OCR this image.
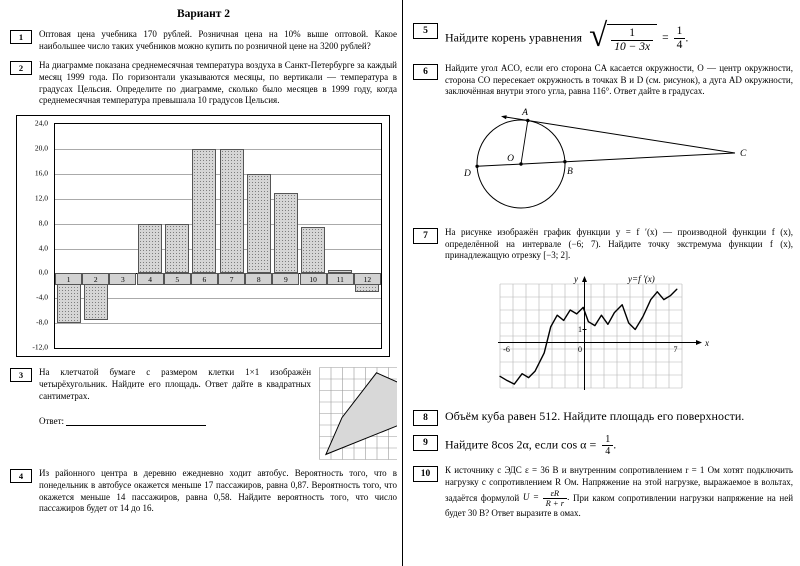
Вариант 2
1	Оптовая цена учебника 170 рублей. Розничная цена на 10% выше оптовой. Какое наибольшее число таких учебников можно купить по розничной цене на 3200 рублей?
2	На диаграмме показана среднемесячная температура воздуха в Санкт-Петербурге за каждый месяц 1999 года. По горизонтали указываются месяцы, по вертикали — температура в градусах Цельсия. Определите по диаграмме, сколько было месяцев в 1999 году, когда среднемесячная температура превышала 10 градусов Цельсия.
24,0
20,0
16,0
12,0
8,0
4,0
0,0
-4,0
-8,0
-12,0
1	2	3	4	5	6	7	8	9	10	11	12
3	На клетчатой бумаге с размером клетки 1×1 изображён четырёхугольник. Найдите его площадь. Ответ дайте в квадратных сантиметрах.
Ответ:
4	Из районного центра в деревню ежедневно ходит автобус. Вероятность того, что в понедельник в автобусе окажется меньше 17 пассажиров, равна 0,87. Вероятность того, что окажется меньше 14 пассажиров, равна 0,58. Найдите вероятность того, что число пассажиров будет от 14 до 16.
5	Найдите корень уравнения √ $\frac{1}{10 - 3x} = \frac{1}{4}$ .
6	Найдите угол ACO, если его сторона CA касается окружности, O — центр окружности, сторона CO пересекает окружность в точках B и D (см. рисунок), а дуга AD окружности, заключённая внутри этого угла, равна 116°. Ответ дайте в градусах.
A
O
B
C
D
7	На рисунке изображён график функции y = f ′(x) — производной функции f (x), определённой на интервале (−6; 7). Найдите точку экстремума функции f (x), принадлежащую отрезку [−3; 2].
y=f ′(x)
y
x
0
1
-6	7
8	Объём куба равен 512. Найдите площадь его поверхности.
9	Найдите 8cos 2α, если $\cos \alpha = \frac{1}{4}$ .
10	К источнику с ЭДС ε = 36 В и внутренним сопротивлением r = 1 Ом хотят подключить нагрузку с сопротивлением R Ом. Напряжение на этой нагрузке, выражаемое в вольтах, задаётся формулой $U = \frac{\varepsilon R}{R + r}$ . При каком сопротивлении нагрузки напряжение на ней будет 30 В? Ответ выразите в омах.
